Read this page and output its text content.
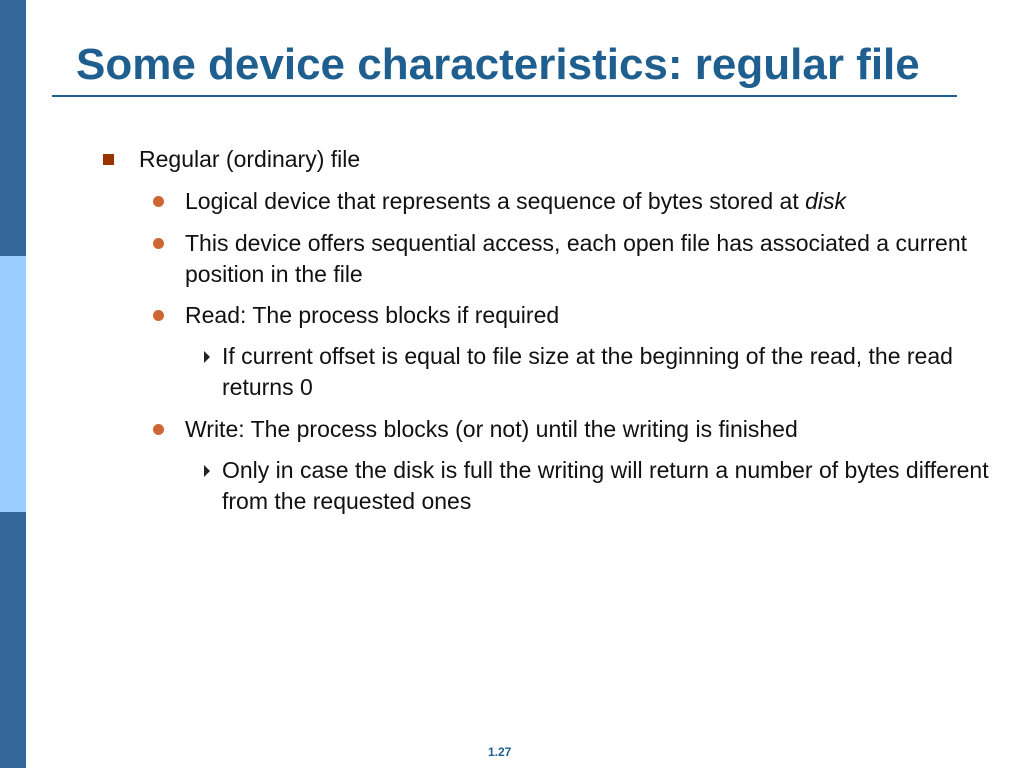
Some device characteristics: regular file
Regular (ordinary) file
Logical device that represents a sequence of bytes stored at disk
This device offers sequential access, each open file has associated a current position in the file
Read: The process blocks if required
If current offset is equal to file size at the beginning of the read, the read returns 0
Write: The process blocks (or not) until the writing is finished
Only in case the disk is full the writing will return a number of bytes different from the requested ones
1.27
